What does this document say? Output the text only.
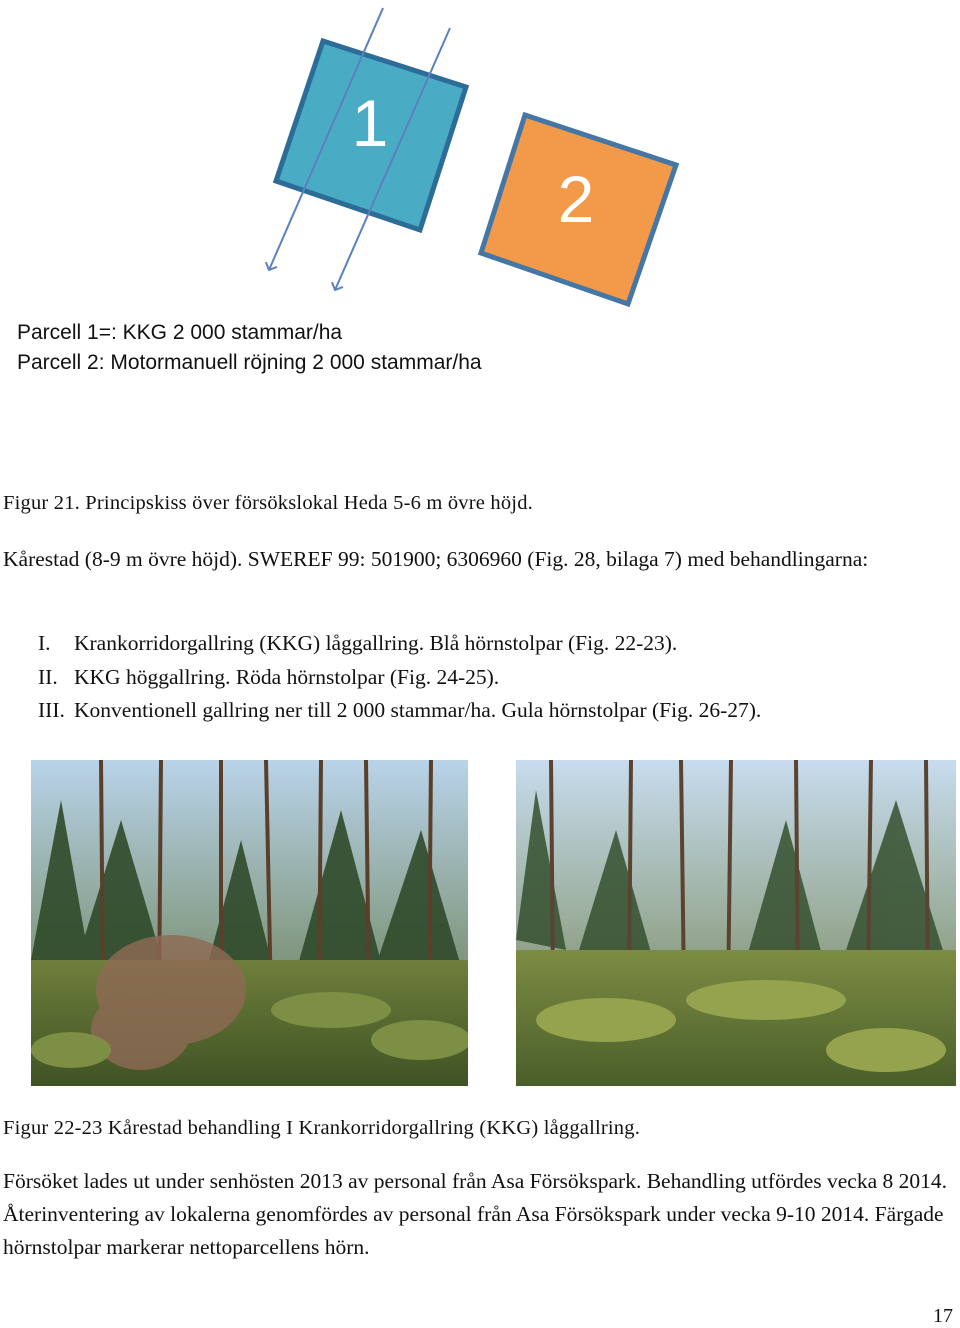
1
2
Parcell 1=: KKG 2 000 stammar/ha
Parcell 2: Motormanuell röjning 2 000 stammar/ha
Figur 21. Principskiss över försökslokal Heda 5-6 m övre höjd.
Kårestad (8-9 m övre höjd). SWEREF 99: 501900; 6306960 (Fig. 28, bilaga 7) med behandlingarna:
I. Krankorridorgallring (KKG) låggallring. Blå hörnstolpar (Fig. 22-23).
II. KKG höggallring. Röda hörnstolpar (Fig. 24-25).
III. Konventionell gallring ner till 2 000 stammar/ha. Gula hörnstolpar (Fig. 26-27).
Figur 22-23 Kårestad behandling I Krankorridorgallring (KKG) låggallring.
Försöket lades ut under senhösten 2013 av personal från Asa Försökspark. Behandling utfördes vecka 8 2014. Återinventering av lokalerna genomfördes av personal från Asa Försökspark under vecka 9-10 2014. Färgade hörnstolpar markerar nettoparcellens hörn.
17
